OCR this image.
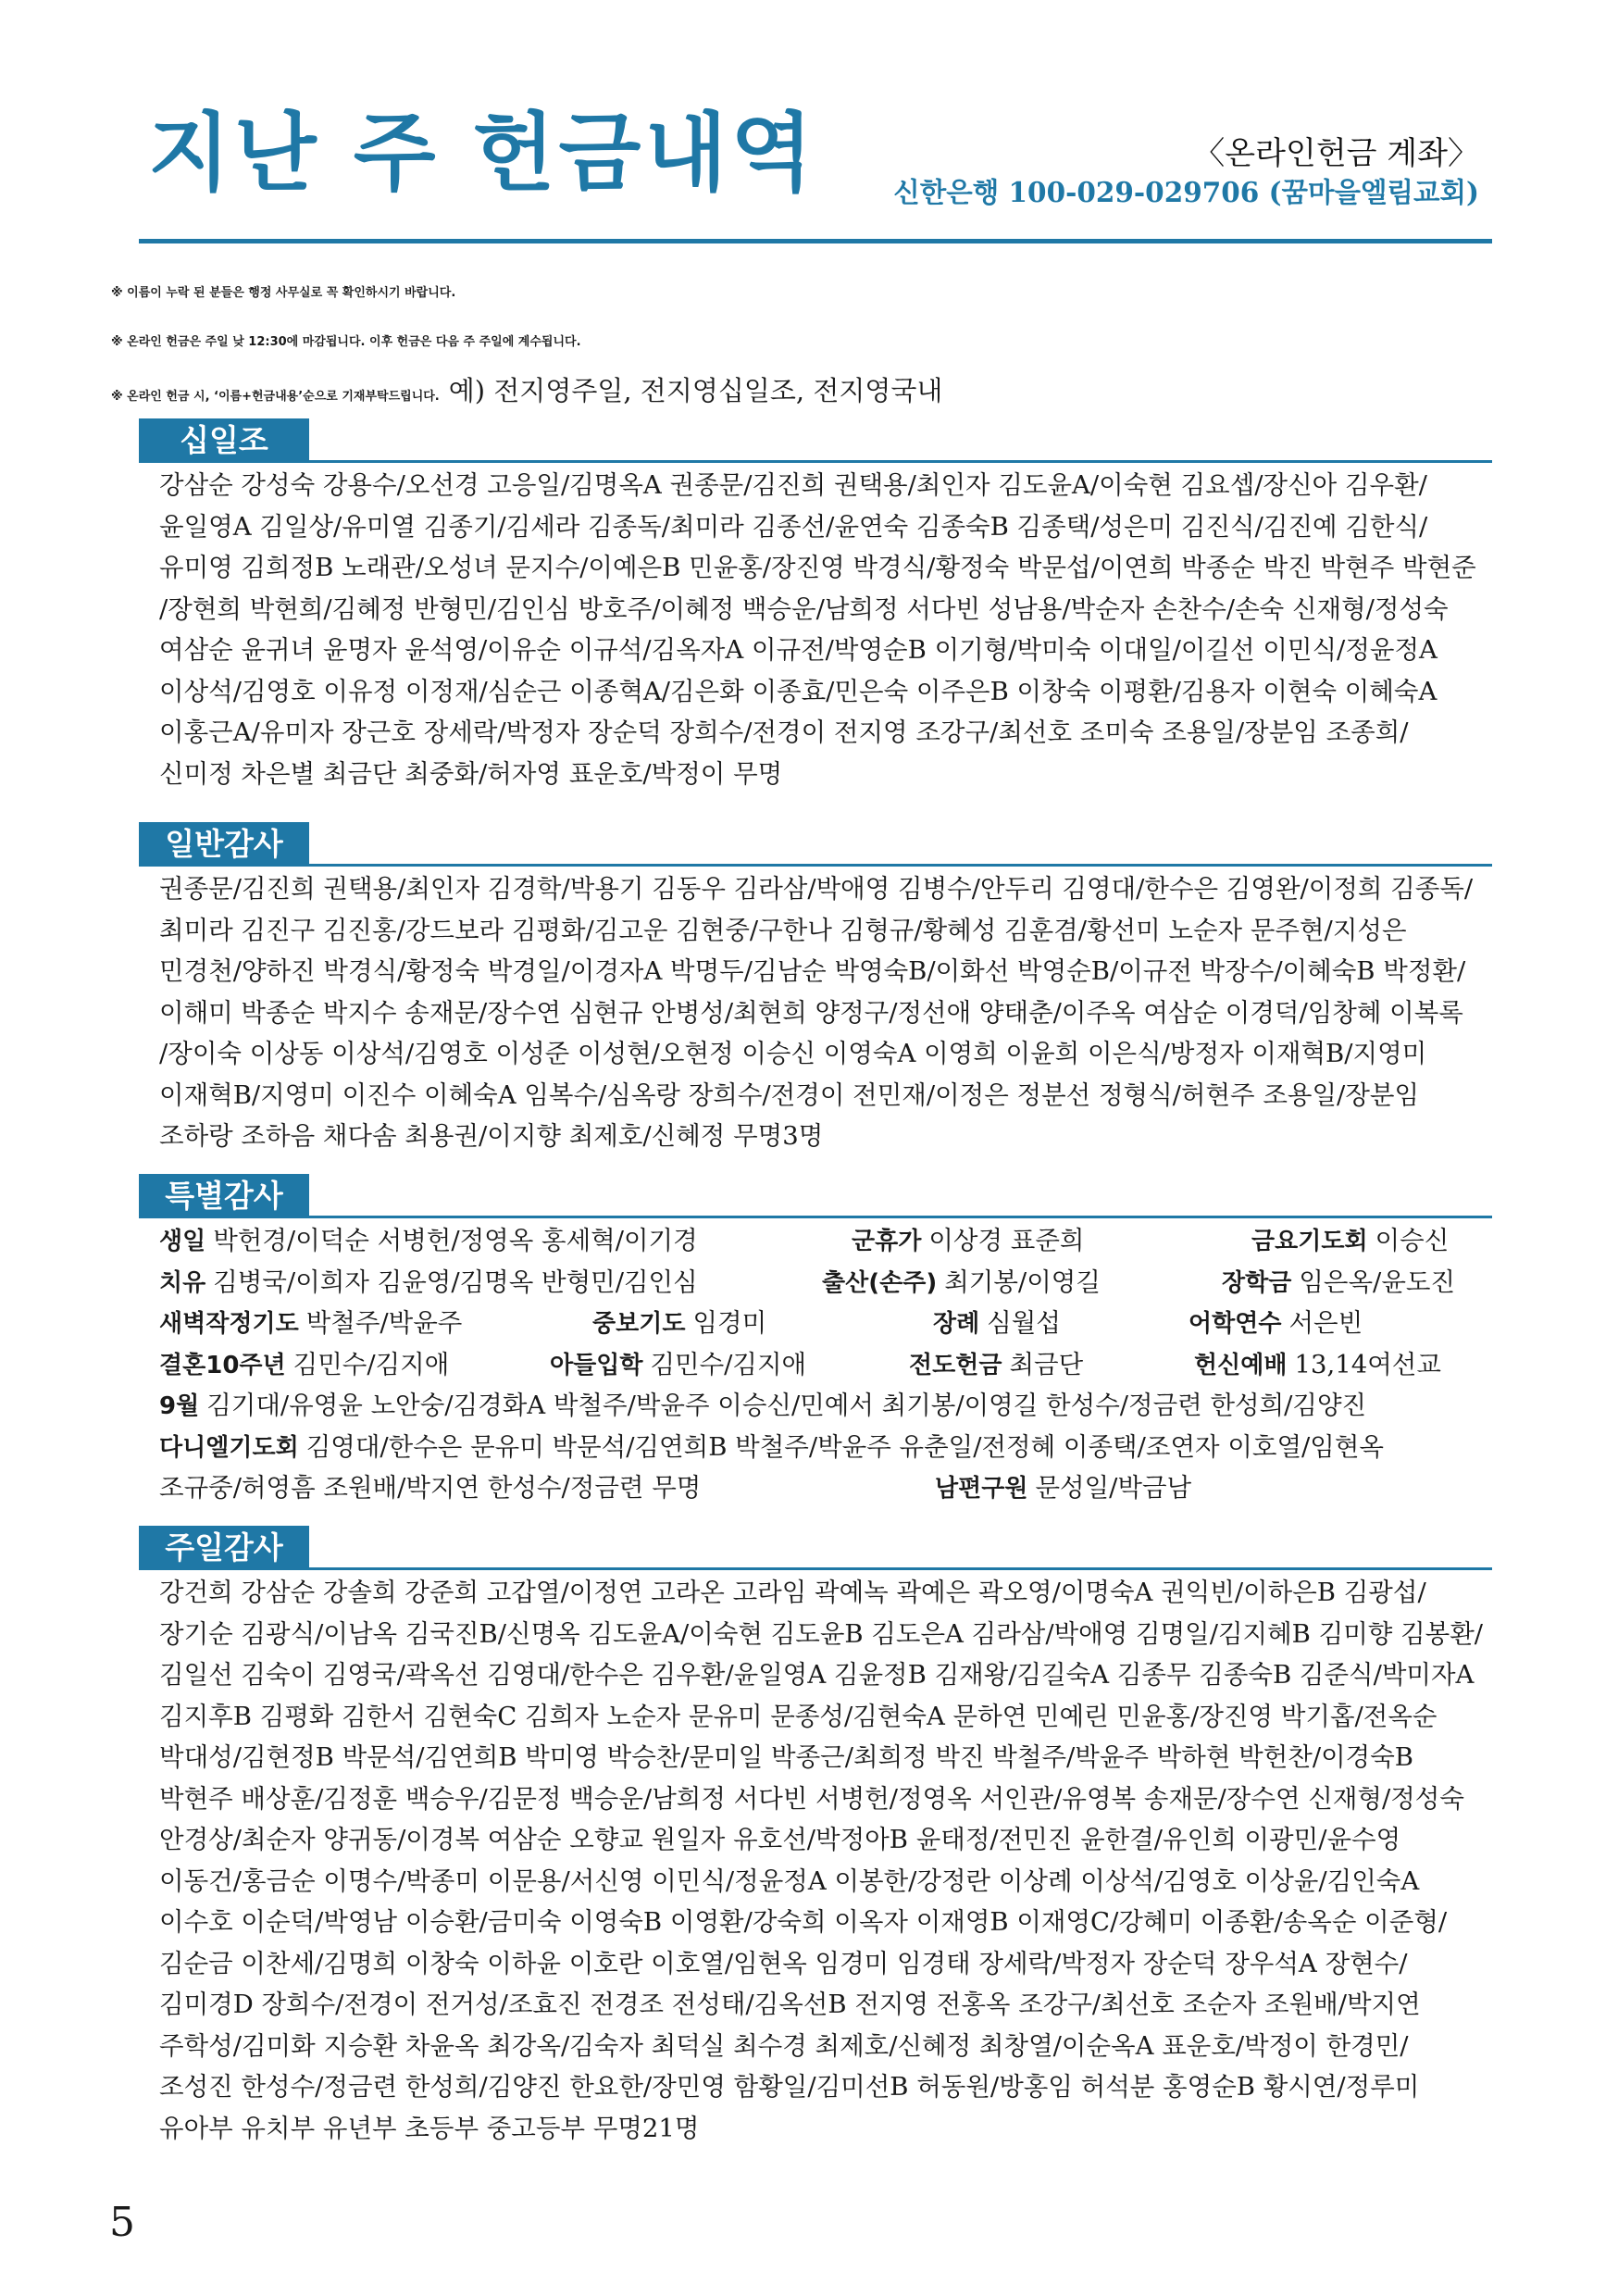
지난 주 헌금내역	〈온라인헌금 계좌〉
신한은행 100-029-029706 (꿈마을엘림교회)
※ 이름이 누락 된 분들은 행정 사무실로 꼭 확인하시기 바랍니다.
※ 온라인 헌금은 주일 낮 12:30에 마감됩니다. 이후 헌금은 다음 주 주일에 계수됩니다.
※ 온라인 헌금 시, ‘이름+헌금내용’순으로 기재부탁드립니다. 예) 전지영주일, 전지영십일조, 전지영국내
십일조

강삼순 강성숙 강용수/오선경 고응일/김명옥A 권종문/김진희 권택용/최인자 김도윤A/이숙현 김요셉/장신아 김우환/

윤일영A 김일상/유미열 김종기/김세라 김종독/최미라 김종선/윤연숙 김종숙B 김종택/성은미 김진식/김진예 김한식/

유미영 김희정B 노래관/오성녀 문지수/이예은B 민윤홍/장진영 박경식/황정숙 박문섭/이연희 박종순 박진 박현주 박현준

/장현희 박현희/김혜정 반형민/김인심 방호주/이혜정 백승운/남희정 서다빈 성남용/박순자 손찬수/손숙 신재형/정성숙

여삼순 윤귀녀 윤명자 윤석영/이유순 이규석/김옥자A 이규전/박영순B 이기형/박미숙 이대일/이길선 이민식/정윤정A

이상석/김영호 이유정 이정재/심순근 이종혁A/김은화 이종효/민은숙 이주은B 이창숙 이평환/김용자 이현숙 이혜숙A

이홍근A/유미자 장근호 장세락/박정자 장순덕 장희수/전경이 전지영 조강구/최선호 조미숙 조용일/장분임 조종희/

신미정 차은별 최금단 최중화/허자영 표운호/박정이 무명

일반감사

권종문/김진희 권택용/최인자 김경학/박용기 김동우 김라삼/박애영 김병수/안두리 김영대/한수은 김영완/이정희 김종독/

최미라 김진구 김진홍/강드보라 김평화/김고운 김현중/구한나 김형규/황혜성 김훈겸/황선미 노순자 문주현/지성은

민경천/양하진 박경식/황정숙 박경일/이경자A 박명두/김남순 박영숙B/이화선 박영순B/이규전 박장수/이혜숙B 박정환/

이해미 박종순 박지수 송재문/장수연 심현규 안병성/최현희 양정구/정선애 양태춘/이주옥 여삼순 이경덕/임창혜 이복록

/장이숙 이상동 이상석/김영호 이성준 이성현/오현정 이승신 이영숙A 이영희 이윤희 이은식/방정자 이재혁B/지영미

이재혁B/지영미 이진수 이혜숙A 임복수/심옥랑 장희수/전경이 전민재/이정은 정분선 정형식/허현주 조용일/장분임

조하랑 조하음 채다솜 최용권/이지향 최제호/신혜정 무명3명

특별감사
생일 박헌경/이덕순 서병헌/정영옥 홍세혁/이기경	군휴가 이상경 표준희	금요기도회 이승신
치유 김병국/이희자 김윤영/김명옥 반형민/김인심	출산(손주) 최기봉/이영길	장학금 임은옥/윤도진
새벽작정기도 박철주/박윤주	중보기도 임경미	장례 심월섭	어학연수 서은빈
결혼10주년 김민수/김지애	아들입학 김민수/김지애	전도헌금 최금단	헌신예배 13,14여선교
9월 김기대/유영윤 노안숭/김경화A 박철주/박윤주 이승신/민예서 최기봉/이영길 한성수/정금련 한성희/김양진
다니엘기도회 김영대/한수은 문유미 박문석/김연희B 박철주/박윤주 유춘일/전정혜 이종택/조연자 이호열/임현옥
조규중/허영흠 조원배/박지연 한성수/정금련 무명	남편구원 문성일/박금남
주일감사

강건희 강삼순 강솔희 강준희 고갑열/이정연 고라온 고라임 곽예녹 곽예은 곽오영/이명숙A 권익빈/이하은B 김광섭/

장기순 김광식/이남옥 김국진B/신명옥 김도윤A/이숙현 김도윤B 김도은A 김라삼/박애영 김명일/김지혜B 김미향 김봉환/

김일선 김숙이 김영국/곽옥선 김영대/한수은 김우환/윤일영A 김윤정B 김재왕/김길숙A 김종무 김종숙B 김준식/박미자A

김지후B 김평화 김한서 김현숙C 김희자 노순자 문유미 문종성/김현숙A 문하연 민예린 민윤홍/장진영 박기홉/전옥순

박대성/김현정B 박문석/김연희B 박미영 박승찬/문미일 박종근/최희정 박진 박철주/박윤주 박하현 박헌찬/이경숙B

박현주 배상훈/김정훈 백승우/김문정 백승운/남희정 서다빈 서병헌/정영옥 서인관/유영복 송재문/장수연 신재형/정성숙

안경상/최순자 양귀동/이경복 여삼순 오향교 원일자 유호선/박정아B 윤태정/전민진 윤한결/유인희 이광민/윤수영

이동건/홍금순 이명수/박종미 이문용/서신영 이민식/정윤정A 이봉한/강정란 이상례 이상석/김영호 이상윤/김인숙A

이수호 이순덕/박영남 이승환/금미숙 이영숙B 이영환/강숙희 이옥자 이재영B 이재영C/강혜미 이종환/송옥순 이준형/

김순금 이찬세/김명희 이창숙 이하윤 이호란 이호열/임현옥 임경미 임경태 장세락/박정자 장순덕 장우석A 장현수/

김미경D 장희수/전경이 전거성/조효진 전경조 전성태/김옥선B 전지영 전홍옥 조강구/최선호 조순자 조원배/박지연

주학성/김미화 지승환 차윤옥 최강옥/김숙자 최덕실 최수경 최제호/신혜정 최창열/이순옥A 표운호/박정이 한경민/

조성진 한성수/정금련 한성희/김양진 한요한/장민영 함황일/김미선B 허동원/방홍임 허석분 홍영순B 황시연/정루미

유아부 유치부 유년부 초등부 중고등부 무명21명

5
